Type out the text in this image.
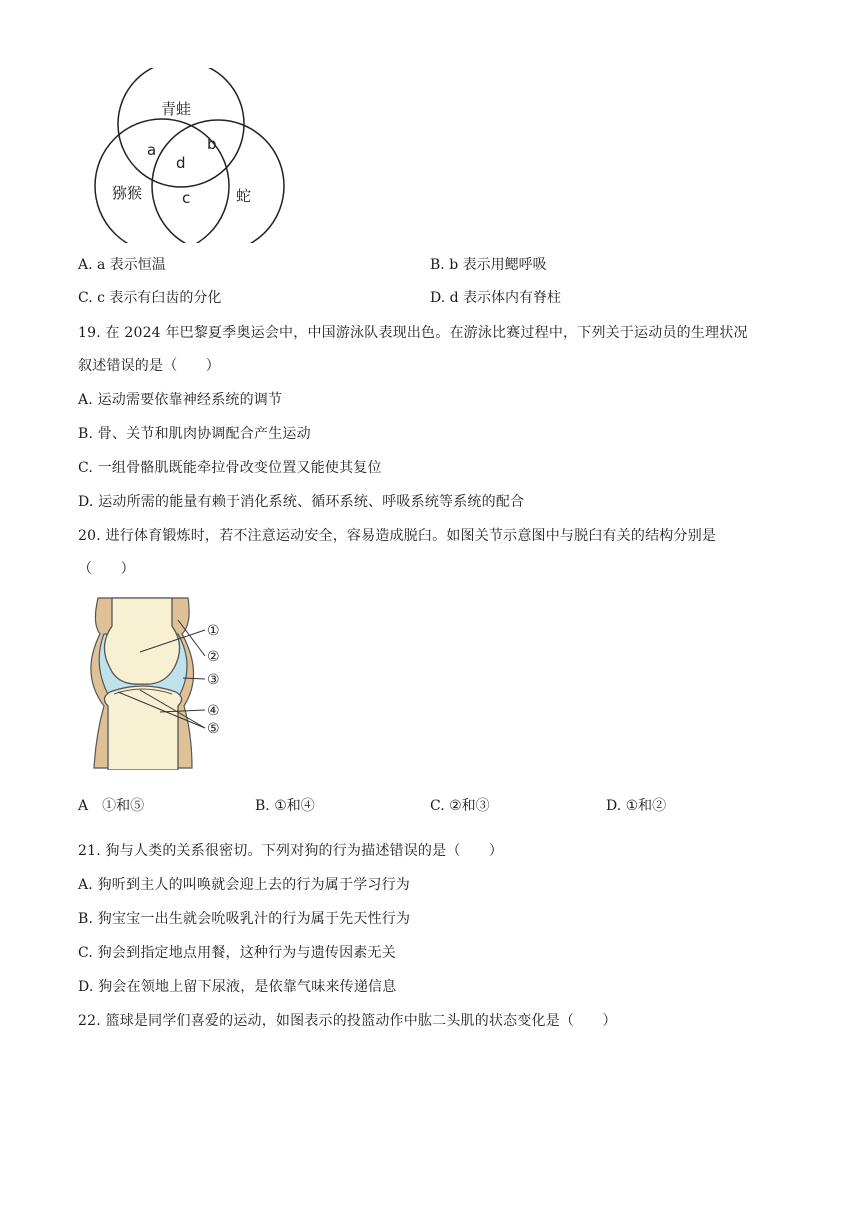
青蛙
猕猴	蛇
a	b
d
c
A. a 表示恒温	B. b 表示用鳃呼吸
C. c 表示有臼齿的分化	D. d 表示体内有脊柱
19. 在 2024 年巴黎夏季奥运会中，中国游泳队表现出色。在游泳比赛过程中，下列关于运动员的生理状况
叙述错误的是（　　）
A. 运动需要依靠神经系统的调节
B. 骨、关节和肌肉协调配合产生运动
C. 一组骨骼肌既能牵拉骨改变位置又能使其复位
D. 运动所需的能量有赖于消化系统、循环系统、呼吸系统等系统的配合
20. 进行体育锻炼时，若不注意运动安全，容易造成脱臼。如图关节示意图中与脱臼有关的结构分别是
（　　）
①
②
③
④
⑤
A　①和⑤	B. ①和④	C. ②和③	D. ①和②
21. 狗与人类的关系很密切。下列对狗的行为描述错误的是（　　）
A. 狗听到主人的叫唤就会迎上去的行为属于学习行为
B. 狗宝宝一出生就会吮吸乳汁的行为属于先天性行为
C. 狗会到指定地点用餐，这种行为与遗传因素无关
D. 狗会在领地上留下尿液，是依靠气味来传递信息
22. 篮球是同学们喜爱的运动，如图表示的投篮动作中肱二头肌的状态变化是（　　）
